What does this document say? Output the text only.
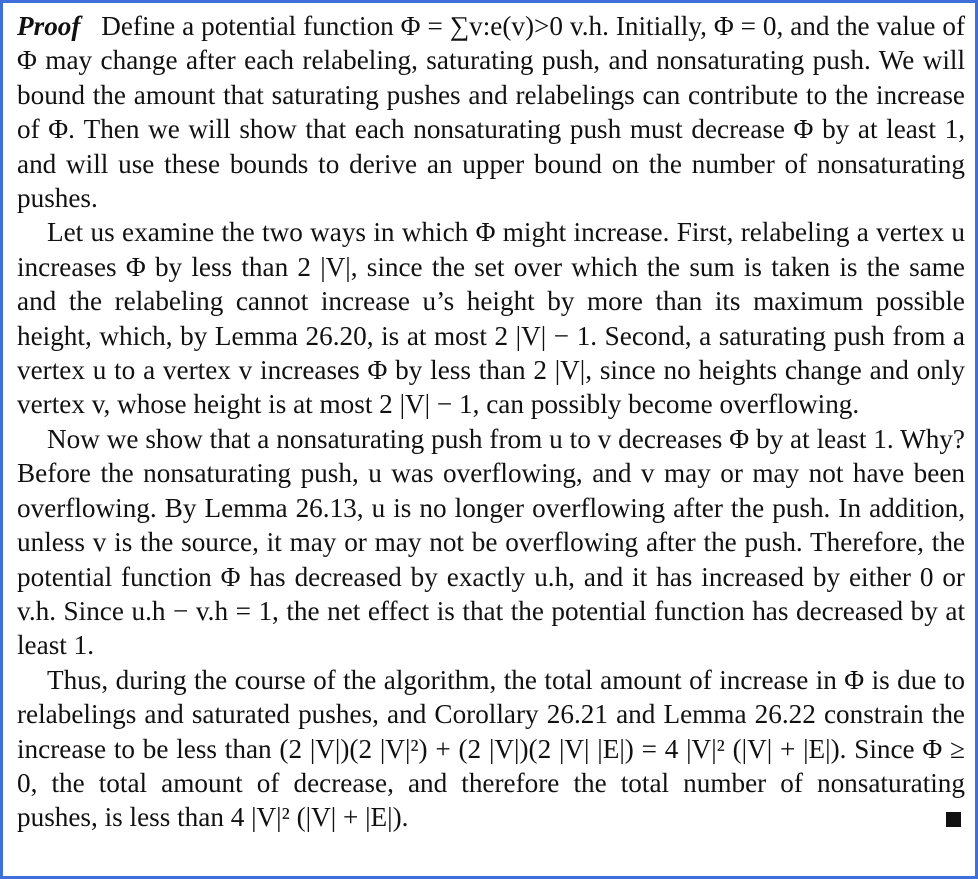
Proof Define a potential function Φ = ∑v:e(v)>0 v.h. Initially, Φ = 0, and the value of Φ may change after each relabeling, saturating push, and nonsaturating push. We will bound the amount that saturating pushes and relabelings can contribute to the increase of Φ. Then we will show that each nonsaturating push must decrease Φ by at least 1, and will use these bounds to derive an upper bound on the number of nonsaturating pushes.

Let us examine the two ways in which Φ might increase. First, relabeling a vertex u increases Φ by less than 2 |V|, since the set over which the sum is taken is the same and the relabeling cannot increase u’s height by more than its maximum possible height, which, by Lemma 26.20, is at most 2 |V| − 1. Second, a saturating push from a vertex u to a vertex v increases Φ by less than 2 |V|, since no heights change and only vertex v, whose height is at most 2 |V| − 1, can possibly become overflowing.

Now we show that a nonsaturating push from u to v decreases Φ by at least 1. Why? Before the nonsaturating push, u was overflowing, and v may or may not have been overflowing. By Lemma 26.13, u is no longer overflowing after the push. In addition, unless v is the source, it may or may not be overflowing after the push. Therefore, the potential function Φ has decreased by exactly u.h, and it has increased by either 0 or v.h. Since u.h − v.h = 1, the net effect is that the potential function has decreased by at least 1.

Thus, during the course of the algorithm, the total amount of increase in Φ is due to relabelings and saturated pushes, and Corollary 26.21 and Lemma 26.22 constrain the increase to be less than (2 |V|)(2 |V|²) + (2 |V|)(2 |V| |E|) = 4 |V|² (|V| + |E|). Since Φ ≥ 0, the total amount of decrease, and therefore the total number of nonsaturating pushes, is less than 4 |V|² (|V| + |E|).
